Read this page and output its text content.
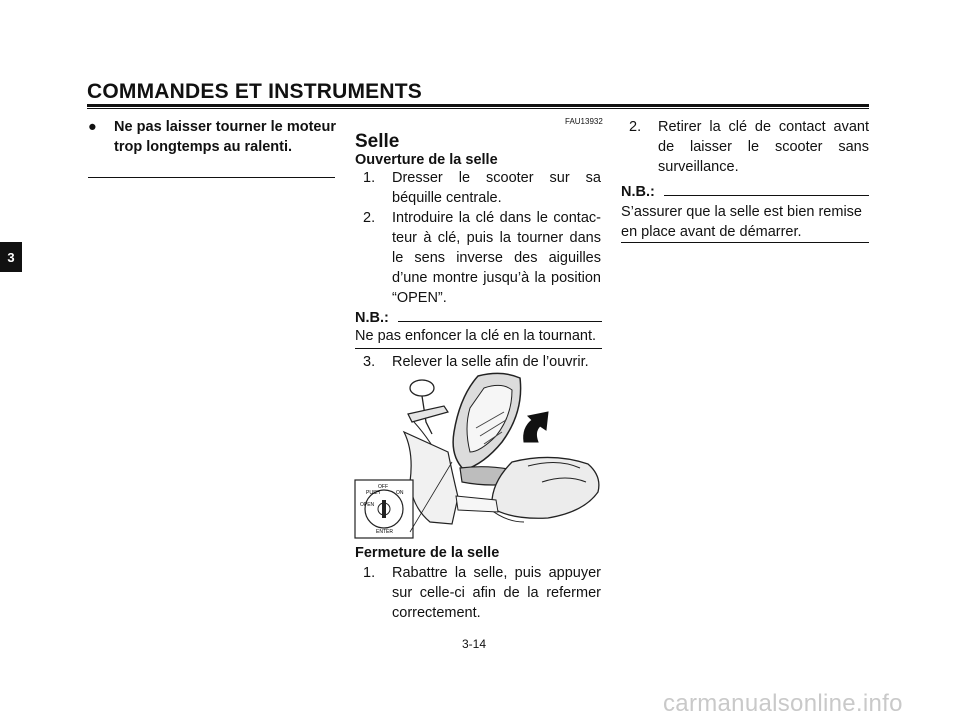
COMMANDES ET INSTRUMENTS
3
● Ne pas laisser tourner le moteur trop longtemps au ralenti.
FAU13932
Selle
Ouverture de la selle
1. Dresser le scooter sur sa béquille centrale.
2. Introduire la clé dans le contacteur à clé, puis la tourner dans le sens inverse des aiguilles d’une montre jusqu’à la position “OPEN”.
N.B.:
Ne pas enfoncer la clé en la tournant.
3. Relever la selle afin de l’ouvrir.
OFF
ON
OPEN
PUSH
ENTER
Fermeture de la selle
1. Rabattre la selle, puis appuyer sur celle-ci afin de la refermer correctement.
2. Retirer la clé de contact avant de laisser le scooter sans surveillance.
N.B.:
S’assurer que la selle est bien remise en place avant de démarrer.
3-14
carmanualsonline.info
